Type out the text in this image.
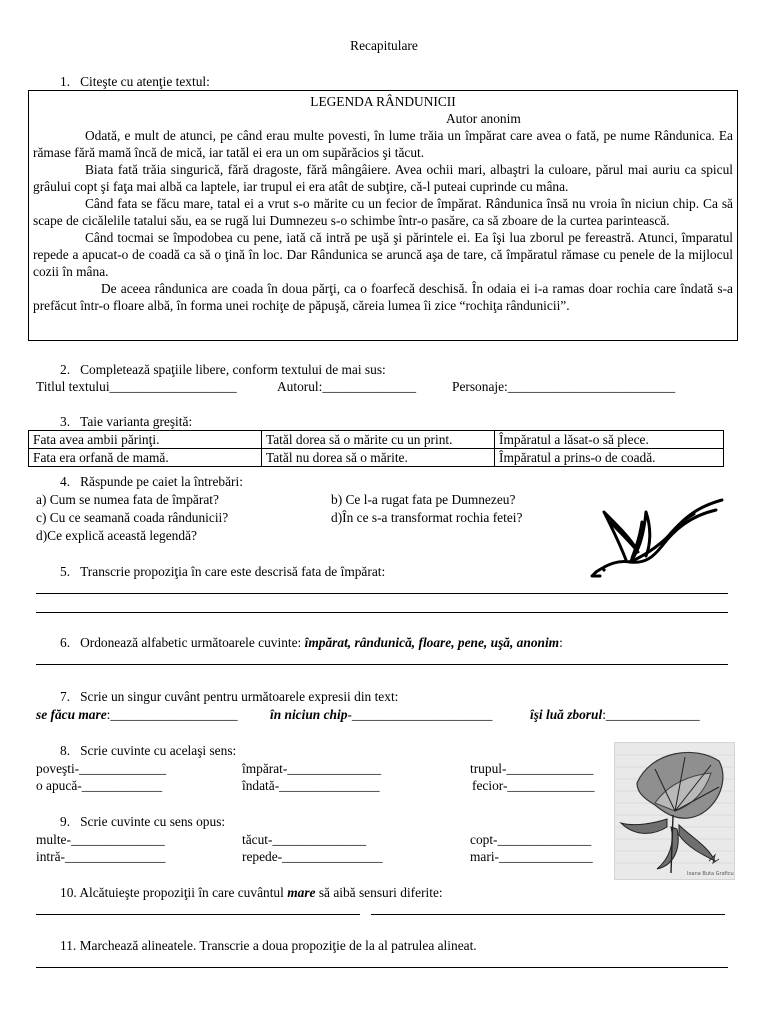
Recapitulare
1.   Citeşte cu atenţie textul:
LEGENDA RÂNDUNICII
Autor anonim

Odată, e mult de atunci, pe când erau multe povesti, în lume trăia un împărat care avea o fată, pe nume Rândunica. Ea rămase fără mamă încă de mică, iar tatăl ei era un om supărăcios şi tăcut.

Biata fată trăia singurică, fără dragoste, fără mângâiere. Avea ochii mari, albaştri la culoare, părul mai auriu ca spicul grâului copt şi faţa mai albă ca laptele, iar trupul ei era atât de subţire, că-l puteai cuprinde cu mâna.

Când fata se făcu mare, tatal ei a vrut s-o mărite cu un fecior de împărat. Rândunica însă nu vroia în niciun chip. Ca să scape de cicălelile tatalui său, ea se rugă lui Dumnezeu s-o schimbe într-o pasăre, ca să zboare de la curtea parintească.

Când tocmai se împodobea cu pene, iată că intră pe uşă şi părintele ei. Ea îşi lua zborul pe fereastră. Atunci, împaratul repede a apucat-o de coadă ca să o ţină în loc. Dar Rândunica se aruncă aşa de tare, că împăratul rămase cu penele de la mijlocul cozii în mâna.

De aceea rândunica are coada în doua părţi, ca o foarfecă deschisă. În odaia ei i-a ramas doar rochia care îndată s-a prefăcut într-o floare albă, în forma unei rochiţe de păpuşă, căreia lumea îi zice “rochiţa rândunicii”.

2.   Completează spaţiile libere, conform textului de mai sus:
Titlul textului___________________	Autorul:______________	Personaje:_________________________
3.   Taie varianta greşită:
Fata avea ambii părinţi.	Tatăl dorea să o mărite cu un print.	Împăratul a lăsat-o să plece.
Fata era orfană de mamă.	Tatăl nu dorea să o mărite.	Împăratul a prins-o de coadă.
4.   Răspunde pe caiet la întrebări:
a) Cum se numea fata de împărat?	b) Ce l-a rugat fata pe Dumnezeu?
c) Cu ce seamană coada rândunicii?	d)În ce s-a transformat rochia fetei?
d)Ce explică această legendă?
5.   Transcrie propoziţia în care este descrisă fata de împărat:
6.   Ordonează alfabetic următoarele cuvinte: împărat, rândunică, floare, pene, uşă, anonim:
7.   Scrie un singur cuvânt pentru următoarele expresii din text:
se făcu mare:___________________ în niciun chip-_____________________	îşi luă zborul:______________
8.   Scrie cuvinte cu acelaşi sens:
poveşti-_____________	împărat-______________	trupul-_____________
o apucă-____________	îndată-_______________	fecior-_____________
Ioana Buta Graficu
9.   Scrie cuvinte cu sens opus:
multe-______________	tăcut-______________	copt-______________
intră-_______________	repede-_______________	mari-______________
10. Alcătuieşte propoziţii în care cuvântul mare să aibă sensuri diferite:
11. Marchează alineatele. Transcrie a doua propoziţie de la al patrulea alineat.
